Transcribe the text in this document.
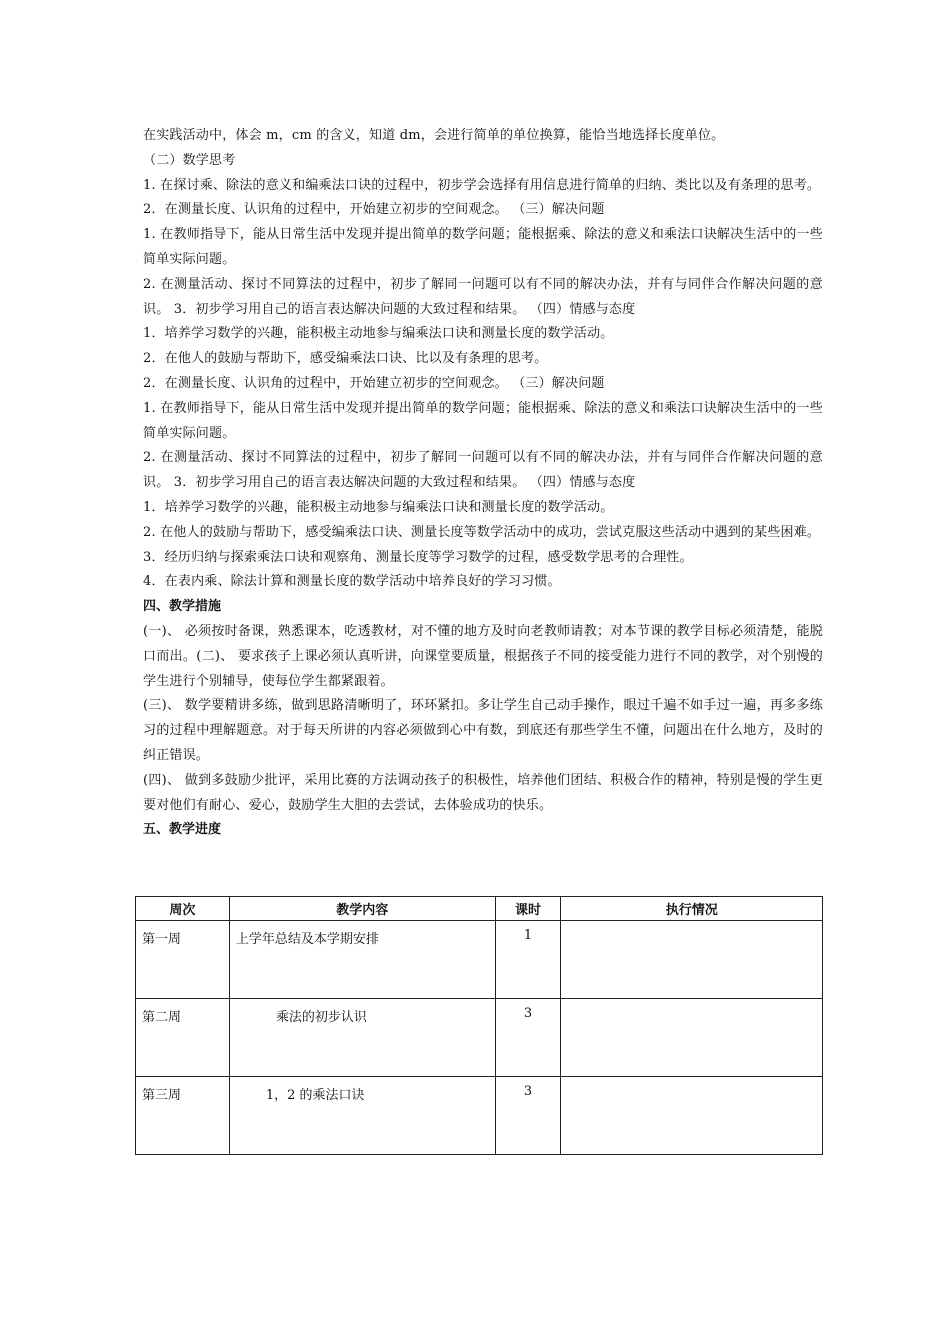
在实践活动中，体会 m，cm 的含义，知道 dm，会进行简单的单位换算，能恰当地选择长度单位。

（二）数学思考

1. 在探讨乘、除法的意义和编乘法口诀的过程中，初步学会选择有用信息进行简单的归纳、类比以及有条理的思考。

2．在测量长度、认识角的过程中，开始建立初步的空间观念。 （三）解决问题

1. 在教师指导下，能从日常生活中发现并提出简单的数学问题；能根据乘、除法的意义和乘法口诀解决生活中的一些简单实际问题。

2. 在测量活动、探讨不同算法的过程中，初步了解同一问题可以有不同的解决办法，并有与同伴合作解决问题的意识。 3．初步学习用自己的语言表达解决问题的大致过程和结果。 （四）情感与态度

1．培养学习数学的兴趣，能积极主动地参与编乘法口诀和测量长度的数学活动。

2．在他人的鼓励与帮助下，感受编乘法口诀、比以及有条理的思考。

2．在测量长度、认识角的过程中，开始建立初步的空间观念。 （三）解决问题

1. 在教师指导下，能从日常生活中发现并提出简单的数学问题；能根据乘、除法的意义和乘法口诀解决生活中的一些简单实际问题。

2. 在测量活动、探讨不同算法的过程中，初步了解同一问题可以有不同的解决办法，并有与同伴合作解决问题的意识。 3．初步学习用自己的语言表达解决问题的大致过程和结果。 （四）情感与态度

1．培养学习数学的兴趣，能积极主动地参与编乘法口诀和测量长度的数学活动。

2. 在他人的鼓励与帮助下，感受编乘法口诀、测量长度等数学活动中的成功，尝试克服这些活动中遇到的某些困难。

3．经历归纳与探索乘法口诀和观察角、测量长度等学习数学的过程，感受数学思考的合理性。

4．在表内乘、除法计算和测量长度的数学活动中培养良好的学习习惯。

四、教学措施

(一)、 必须按时备课，熟悉课本，吃透教材，对不懂的地方及时向老教师请教；对本节课的教学目标必须清楚，能脱口而出。(二)、 要求孩子上课必须认真听讲，向课堂要质量，根据孩子不同的接受能力进行不同的教学，对个别慢的学生进行个别辅导，使每位学生都紧跟着。

(三)、 数学要精讲多练，做到思路清晰明了，环环紧扣。多让学生自己动手操作，眼过千遍不如手过一遍，再多多练习的过程中理解题意。对于每天所讲的内容必须做到心中有数，到底还有那些学生不懂，问题出在什么地方，及时的纠正错误。

(四)、 做到多鼓励少批评，采用比赛的方法调动孩子的积极性，培养他们团结、积极合作的精神，特别是慢的学生更要对他们有耐心、爱心，鼓励学生大胆的去尝试，去体验成功的快乐。

五、教学进度

周次	教学内容	课时	执行情况
第一周	上学年总结及本学期安排	1	
第二周	乘法的初步认识	3	
第三周	1，2 的乘法口诀	3	
